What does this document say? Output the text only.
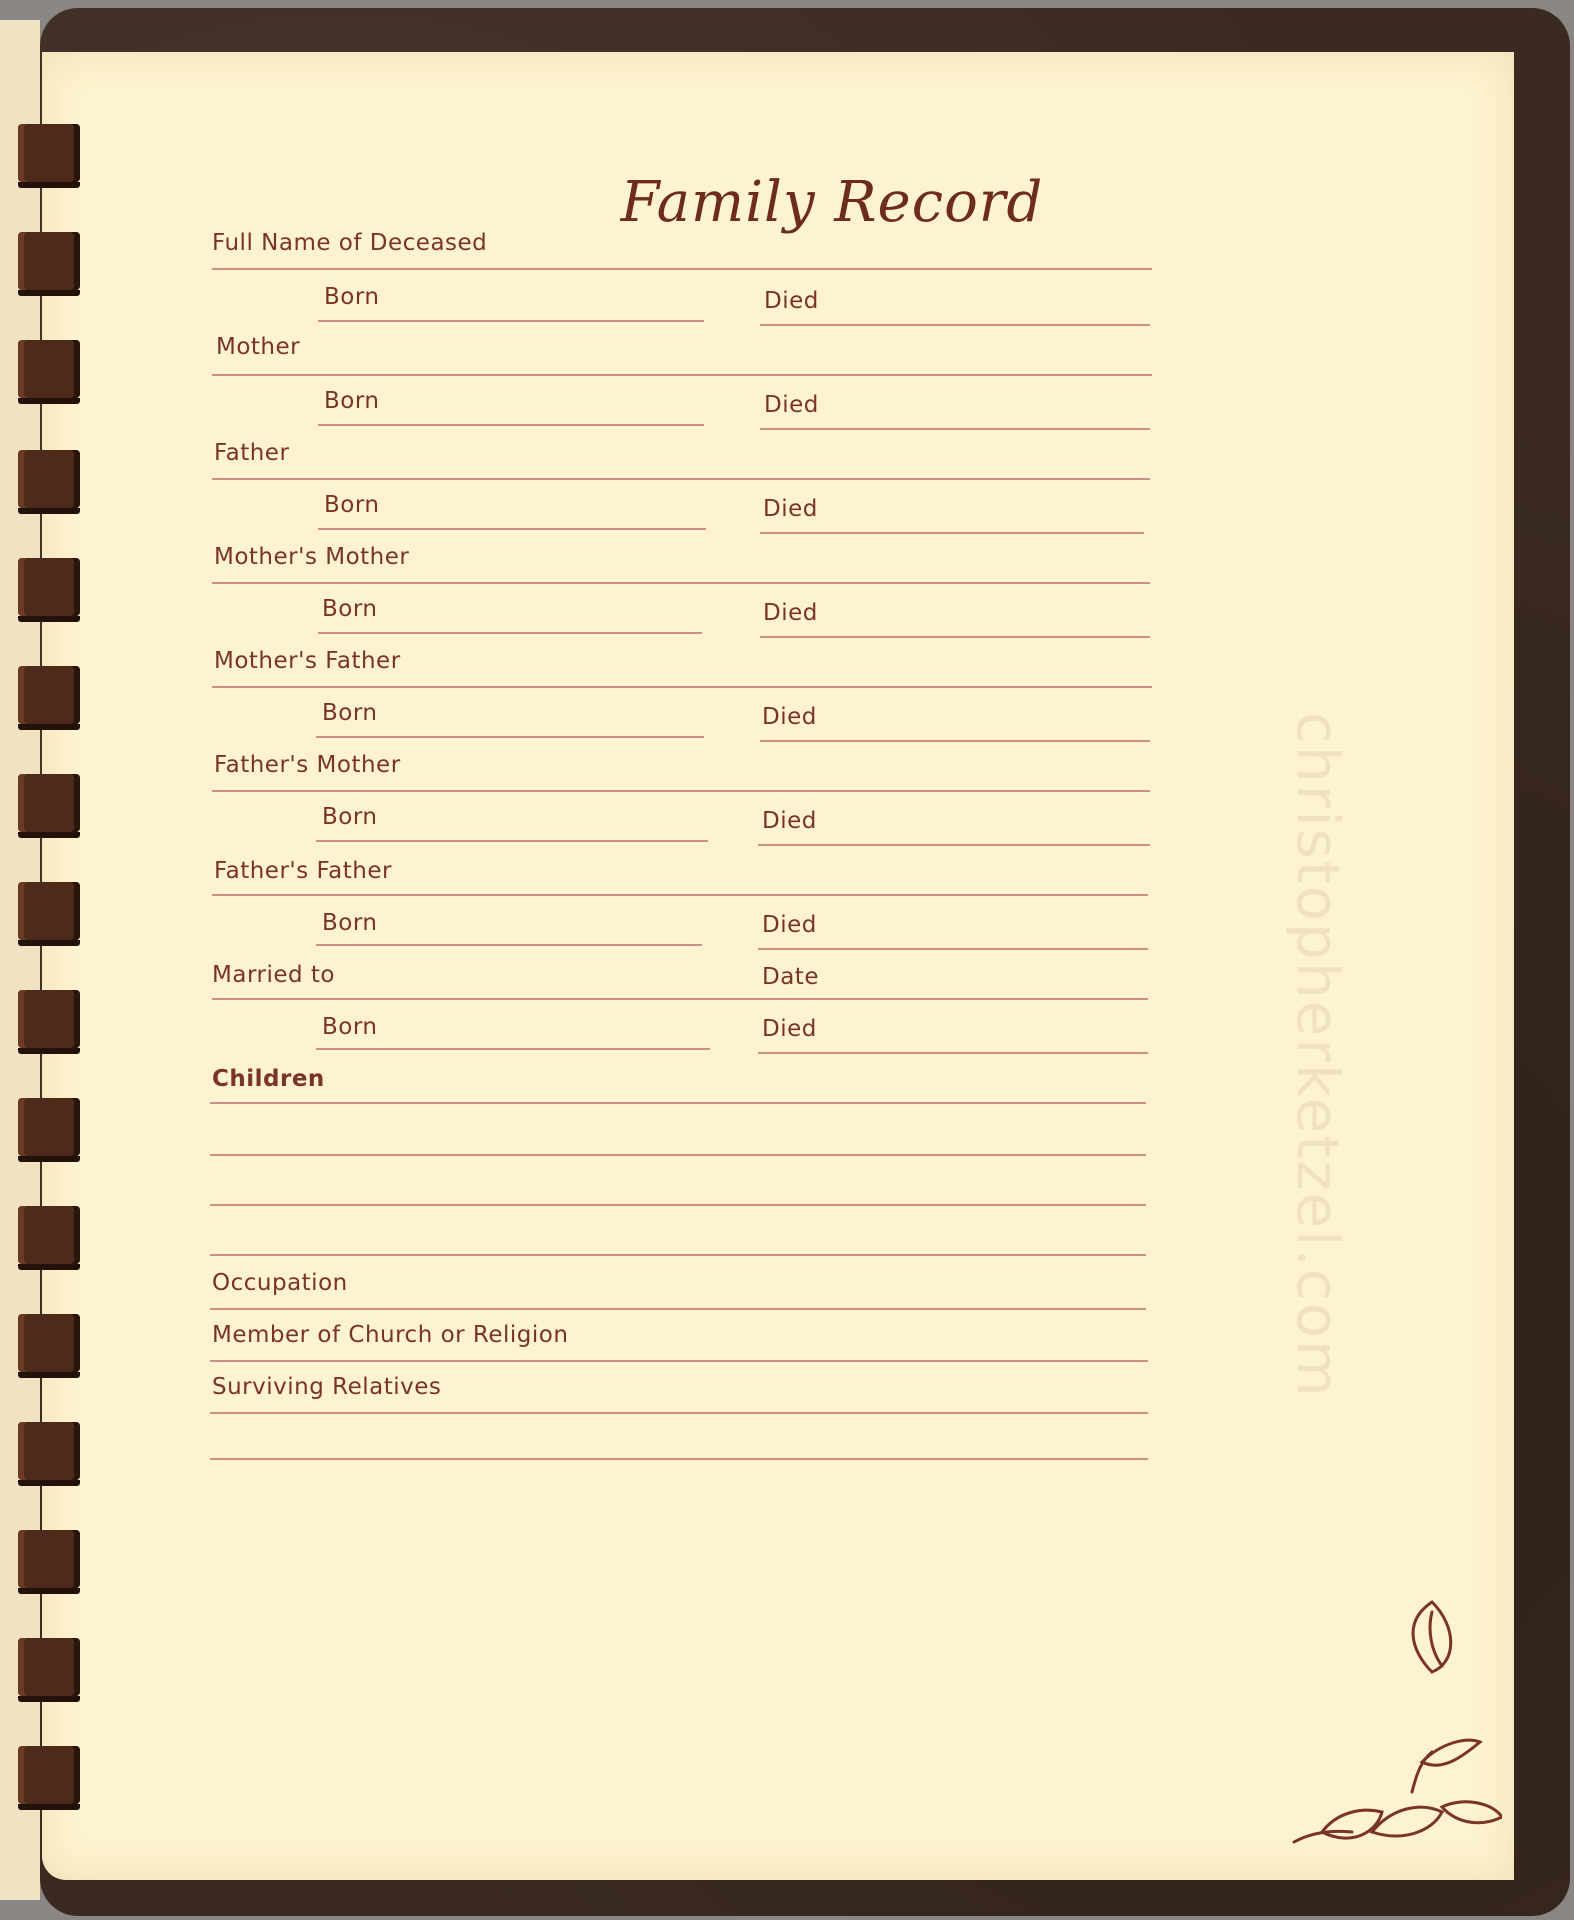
Family Record
Full Name of Deceased
Born	Died
Mother
Born	Died
Father
Born	Died
Mother's Mother
Born	Died
Mother's Father
Born	Died
Father's Mother
Born	Died
Father's Father
Born	Died
Married to	Date
Born	Died
Children
Occupation
Member of Church or Religion
Surviving Relatives	christopherketzel.com
